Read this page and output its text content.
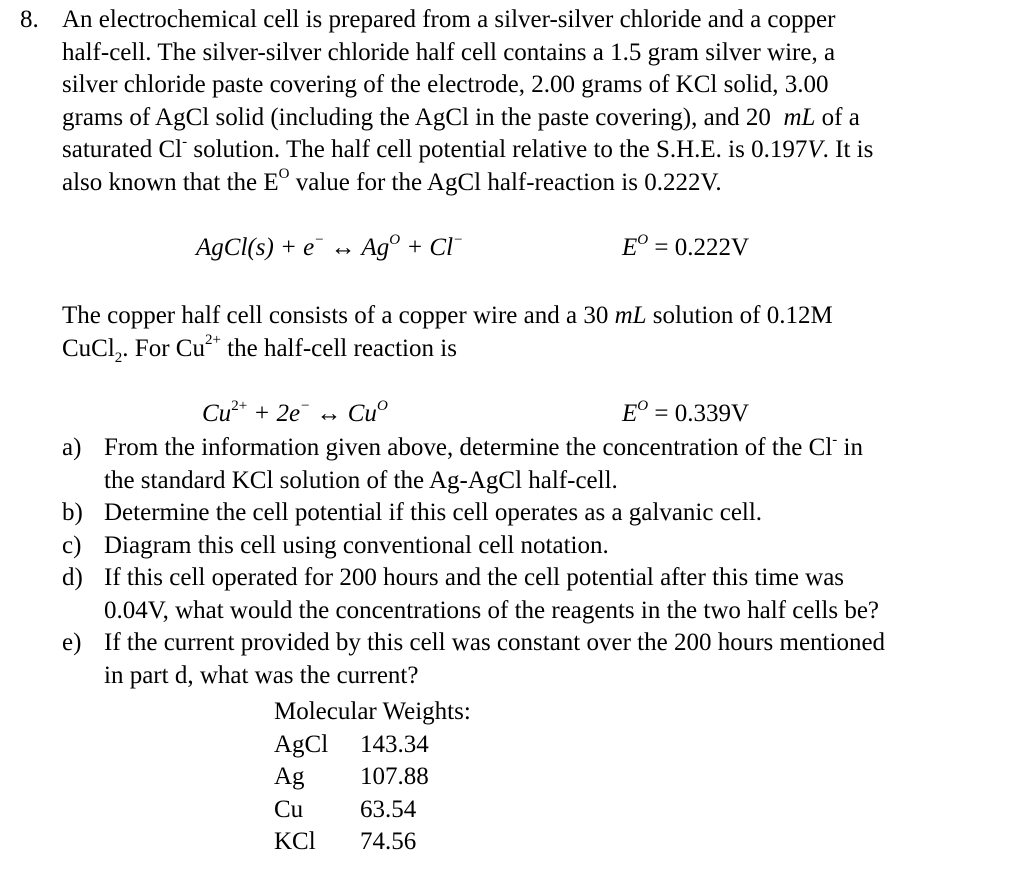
8. An electrochemical cell is prepared from a silver-silver chloride and a copper
half-cell. The silver-silver chloride half cell contains a 1.5 gram silver wire, a
silver chloride paste covering of the electrode, 2.00 grams of KCl solid, 3.00
grams of AgCl solid (including the AgCl in the paste covering), and 20 mL of a
saturated Cl- solution. The half cell potential relative to the S.H.E. is 0.197V. It is
also known that the $E^O$ value for the AgCl half-reaction is 0.222V.
AgCl(s) + e− ↔ $Ag^O + Cl^-$	$E^O = 0.222V$
The copper half cell consists of a copper wire and a 30 mL solution of 0.12M
CuCl$_2$. For $Cu^{2+}$ the half-cell reaction is
$Cu^{2+} + 2e^-$ ↔ $Cu^O$	$E^O = 0.339V$
a) From the information given above, determine the concentration of the Cl- in
the standard KCl solution of the Ag-AgCl half-cell.
b) Determine the cell potential if this cell operates as a galvanic cell.
c) Diagram this cell using conventional cell notation.
d) If this cell operated for 200 hours and the cell potential after this time was
0.04V, what would the concentrations of the reagents in the two half cells be?
e) If the current provided by this cell was constant over the 200 hours mentioned
in part d, what was the current?
Molecular Weights:
AgCl 143.34
Ag 107.88
Cu 63.54
KCl 74.56
